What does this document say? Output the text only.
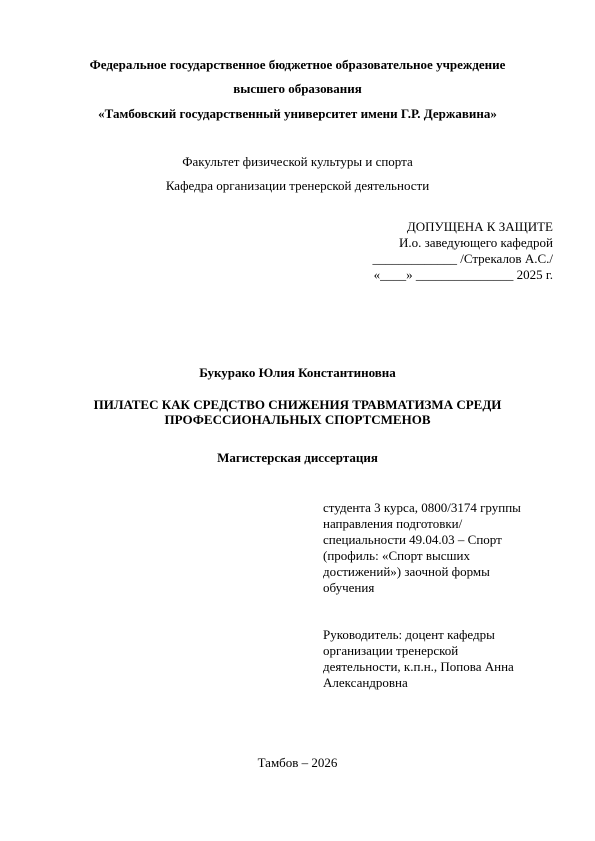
Федеральное государственное бюджетное образовательное учреждение
высшего образования
«Тамбовский государственный университет имени Г.Р. Державина»
Факультет физической культуры и спорта
Кафедра организации тренерской деятельности
ДОПУЩЕНА К ЗАЩИТЕ
И.о. заведующего кафедрой
_____________ /Стрекалов А.С./
«____» _______________ 2025 г.
Букурако Юлия Константиновна
ПИЛАТЕС КАК СРЕДСТВО СНИЖЕНИЯ ТРАВМАТИЗМА СРЕДИ
ПРОФЕССИОНАЛЬНЫХ СПОРТСМЕНОВ
Магистерская диссертация
студента 3 курса, 0800/3174 группы
направления подготовки/
специальности 49.04.03 – Спорт
(профиль: «Спорт высших
достижений») заочной формы
обучения
Руководитель: доцент кафедры
организации тренерской
деятельности, к.п.н., Попова Анна
Александровна
Тамбов – 2026
